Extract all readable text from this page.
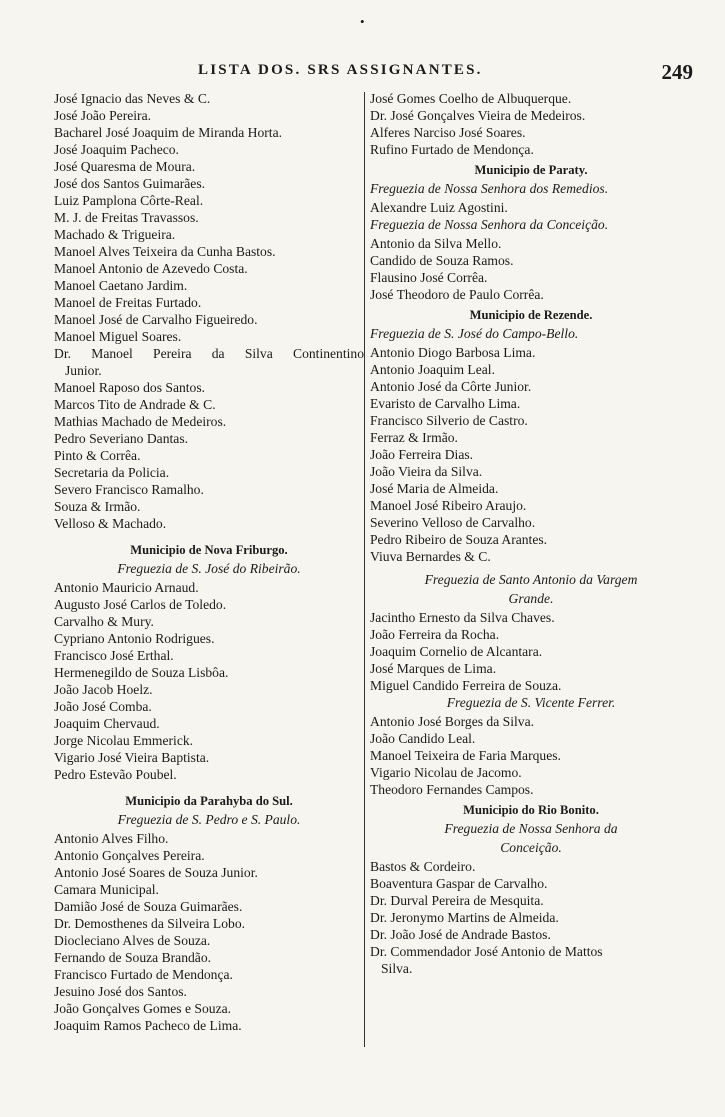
•
LISTA DOS. SRS ASSIGNANTES.	249
José Ignacio das Neves & C.
José João Pereira.
Bacharel José Joaquim de Miranda Horta.
José Joaquim Pacheco.
José Quaresma de Moura.
José dos Santos Guimarães.
Luiz Pamplona Côrte-Real.
M. J. de Freitas Travassos.
Machado & Trigueira.
Manoel Alves Teixeira da Cunha Bastos.
Manoel Antonio de Azevedo Costa.
Manoel Caetano Jardim.
Manoel de Freitas Furtado.
Manoel José de Carvalho Figueiredo.
Manoel Miguel Soares.
Dr. Manoel Pereira da Silva Continentino
Junior.
Manoel Raposo dos Santos.
Marcos Tito de Andrade & C.
Mathias Machado de Medeiros.
Pedro Severiano Dantas.
Pinto & Corrêa.
Secretaria da Policia.
Severo Francisco Ramalho.
Souza & Irmão.
Velloso & Machado.
Municipio de Nova Friburgo.
Freguezia de S. José do Ribeirão.
Antonio Mauricio Arnaud.
Augusto José Carlos de Toledo.
Carvalho & Mury.
Cypriano Antonio Rodrigues.
Francisco José Erthal.
Hermenegildo de Souza Lisbôa.
João Jacob Hoelz.
João José Comba.
Joaquim Chervaud.
Jorge Nicolau Emmerick.
Vigario José Vieira Baptista.
Pedro Estevão Poubel.
Municipio da Parahyba do Sul.
Freguezia de S. Pedro e S. Paulo.
Antonio Alves Filho.
Antonio Gonçalves Pereira.
Antonio José Soares de Souza Junior.
Camara Municipal.
Damião José de Souza Guimarães.
Dr. Demosthenes da Silveira Lobo.
Diocleciano Alves de Souza.
Fernando de Souza Brandão.
Francisco Furtado de Mendonça.
Jesuino José dos Santos.
João Gonçalves Gomes e Souza.
Joaquim Ramos Pacheco de Lima.
José Gomes Coelho de Albuquerque.
Dr. José Gonçalves Vieira de Medeiros.
Alferes Narciso José Soares.
Rufino Furtado de Mendonça.
Municipio de Paraty.
Freguezia de Nossa Senhora dos Remedios.
Alexandre Luiz Agostini.
Freguezia de Nossa Senhora da Conceição.
Antonio da Silva Mello.
Candido de Souza Ramos.
Flausino José Corrêa.
José Theodoro de Paulo Corrêa.
Municipio de Rezende.
Freguezia de S. José do Campo-Bello.
Antonio Diogo Barbosa Lima.
Antonio Joaquim Leal.
Antonio José da Côrte Junior.
Evaristo de Carvalho Lima.
Francisco Silverio de Castro.
Ferraz & Irmão.
João Ferreira Dias.
João Vieira da Silva.
José Maria de Almeida.
Manoel José Ribeiro Araujo.
Severino Velloso de Carvalho.
Pedro Ribeiro de Souza Arantes.
Viuva Bernardes & C.
Freguezia de Santo Antonio da Vargem
Grande.
Jacintho Ernesto da Silva Chaves.
João Ferreira da Rocha.
Joaquim Cornelio de Alcantara.
José Marques de Lima.
Miguel Candido Ferreira de Souza.
Freguezia de S. Vicente Ferrer.
Antonio José Borges da Silva.
João Candido Leal.
Manoel Teixeira de Faria Marques.
Vigario Nicolau de Jacomo.
Theodoro Fernandes Campos.
Municipio do Rio Bonito.
Freguezia de Nossa Senhora da
Conceição.
Bastos & Cordeiro.
Boaventura Gaspar de Carvalho.
Dr. Durval Pereira de Mesquita.
Dr. Jeronymo Martins de Almeida.
Dr. João José de Andrade Bastos.
Dr. Commendador José Antonio de Mattos
Silva.
